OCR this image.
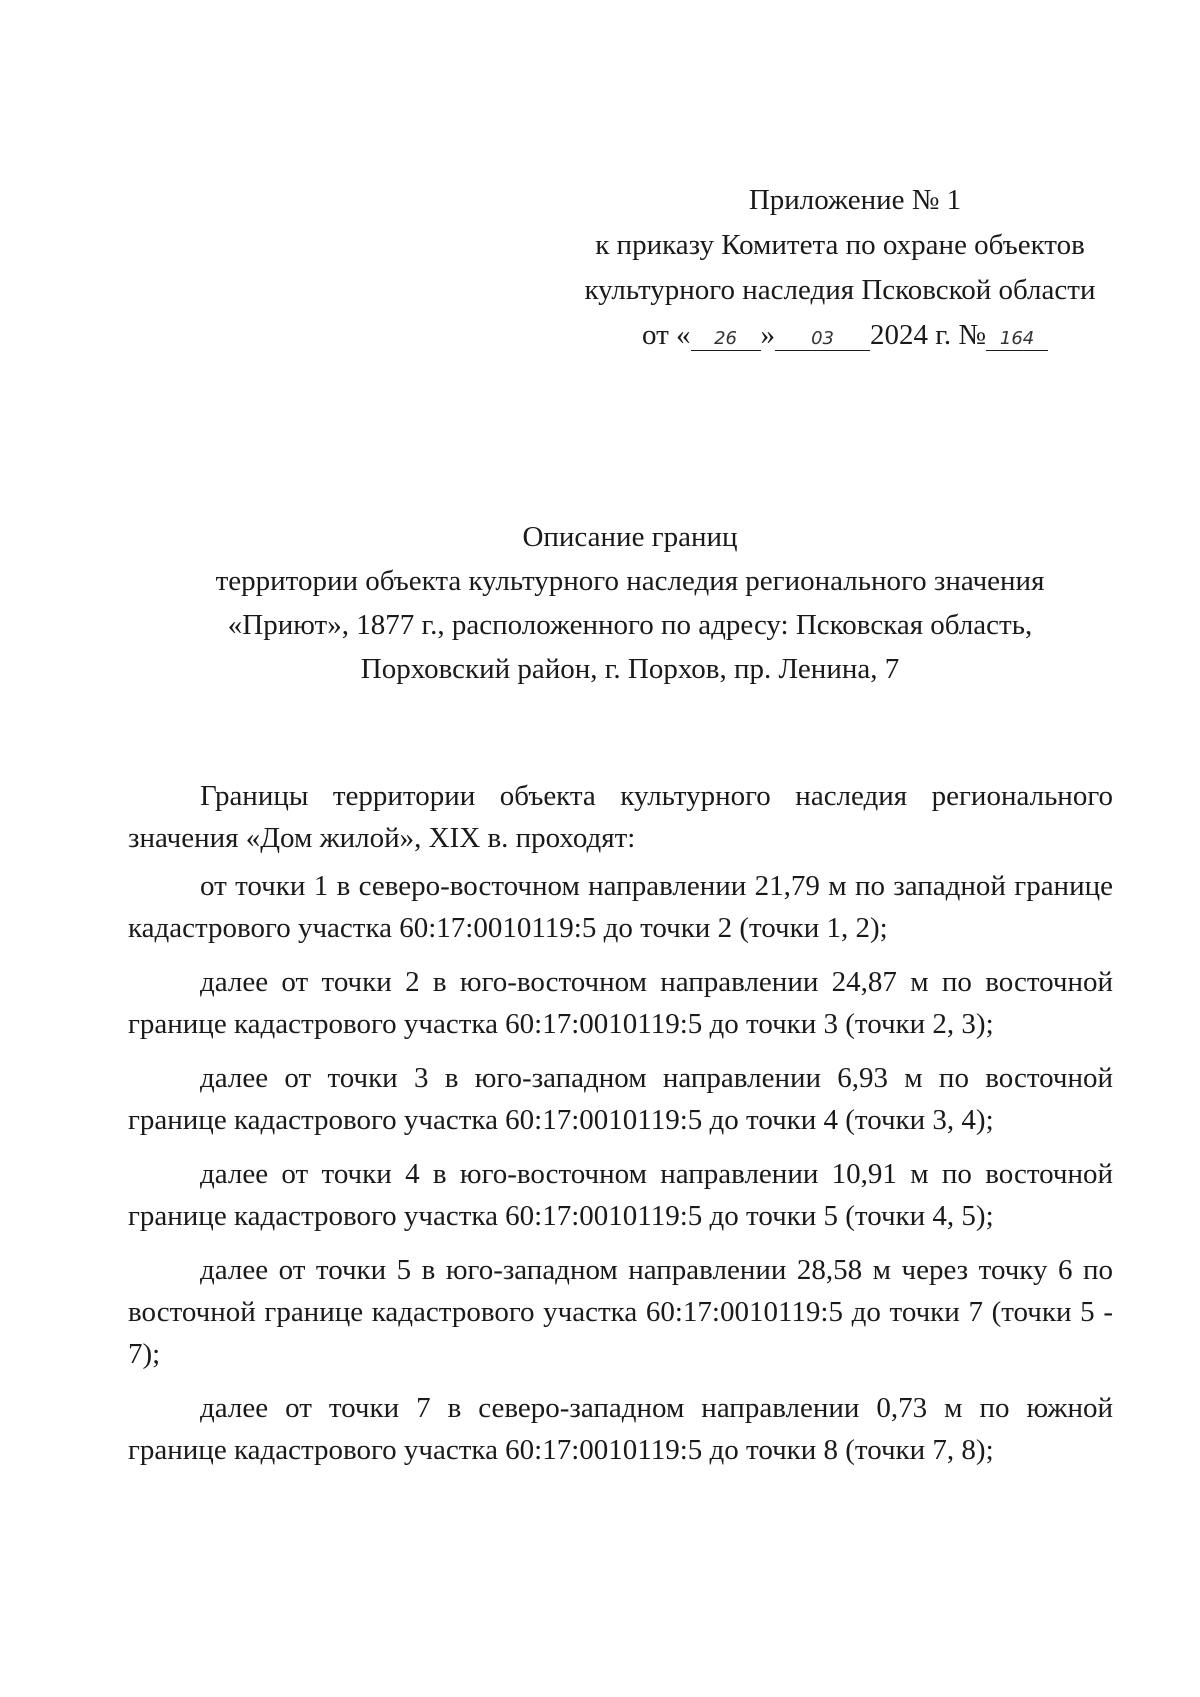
Приложение № 1
к приказу Комитета по охране объектов
культурного наследия Псковской области
от « 26 » 03 2024 г. № 164
Описание границ
территории объекта культурного наследия регионального значения
«Приют», 1877 г., расположенного по адресу: Псковская область,
Порховский район, г. Порхов, пр. Ленина, 7

Границы территории объекта культурного наследия регионального значения «Дом жилой», XIX в. проходят:

от точки 1 в северо-восточном направлении 21,79 м по западной границе кадастрового участка 60:17:0010119:5 до точки 2 (точки 1, 2);

далее от точки 2 в юго-восточном направлении 24,87 м по восточной границе кадастрового участка 60:17:0010119:5 до точки 3 (точки 2, 3);

далее от точки 3 в юго-западном направлении 6,93 м по восточной границе кадастрового участка 60:17:0010119:5 до точки 4 (точки 3, 4);

далее от точки 4 в юго-восточном направлении 10,91 м по восточной границе кадастрового участка 60:17:0010119:5 до точки 5 (точки 4, 5);

далее от точки 5 в юго-западном направлении 28,58 м через точку 6 по восточной границе кадастрового участка 60:17:0010119:5 до точки 7 (точки 5 - 7);

далее от точки 7 в северо-западном направлении 0,73 м по южной границе кадастрового участка 60:17:0010119:5 до точки 8 (точки 7, 8);
